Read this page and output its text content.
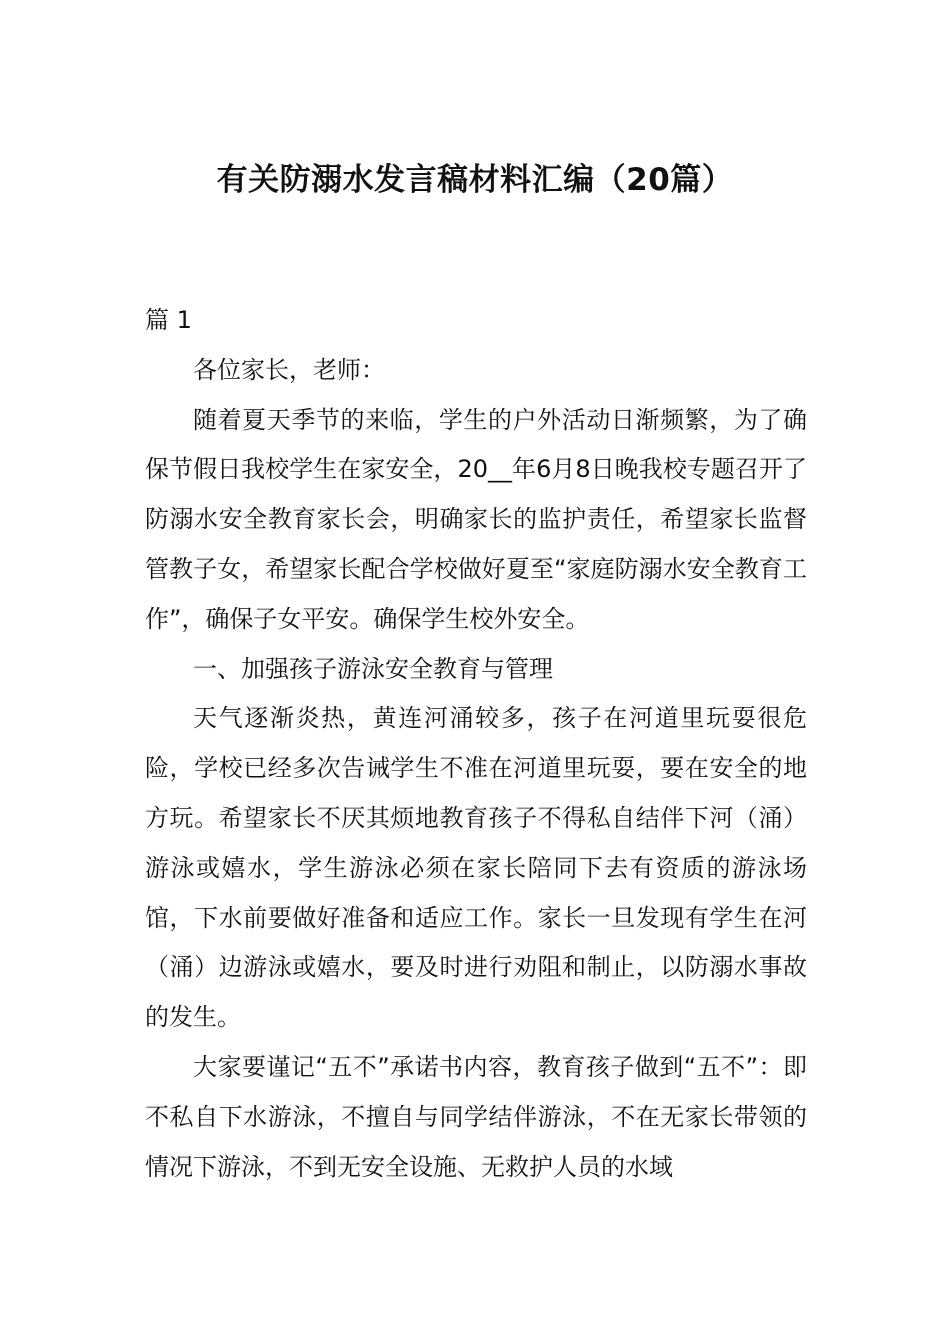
有关防溺水发言稿材料汇编（20篇）

篇 1

各位家长，老师：

随着夏天季节的来临，学生的户外活动日渐频繁，为了确保节假日我校学生在家安全，20__年6月8日晚我校专题召开了防溺水安全教育家长会，明确家长的监护责任，希望家长监督管教子女，希望家长配合学校做好夏至“家庭防溺水安全教育工作”，确保子女平安。确保学生校外安全。

一、加强孩子游泳安全教育与管理

天气逐渐炎热，黄连河涌较多，孩子在河道里玩耍很危险，学校已经多次告诫学生不准在河道里玩耍，要在安全的地方玩。希望家长不厌其烦地教育孩子不得私自结伴下河（涌）游泳或嬉水，学生游泳必须在家长陪同下去有资质的游泳场馆，下水前要做好准备和适应工作。家长一旦发现有学生在河（涌）边游泳或嬉水，要及时进行劝阻和制止，以防溺水事故的发生。

大家要谨记“五不”承诺书内容，教育孩子做到“五不”：即不私自下水游泳，不擅自与同学结伴游泳，不在无家长带领的情况下游泳，不到无安全设施、无救护人员的水域
